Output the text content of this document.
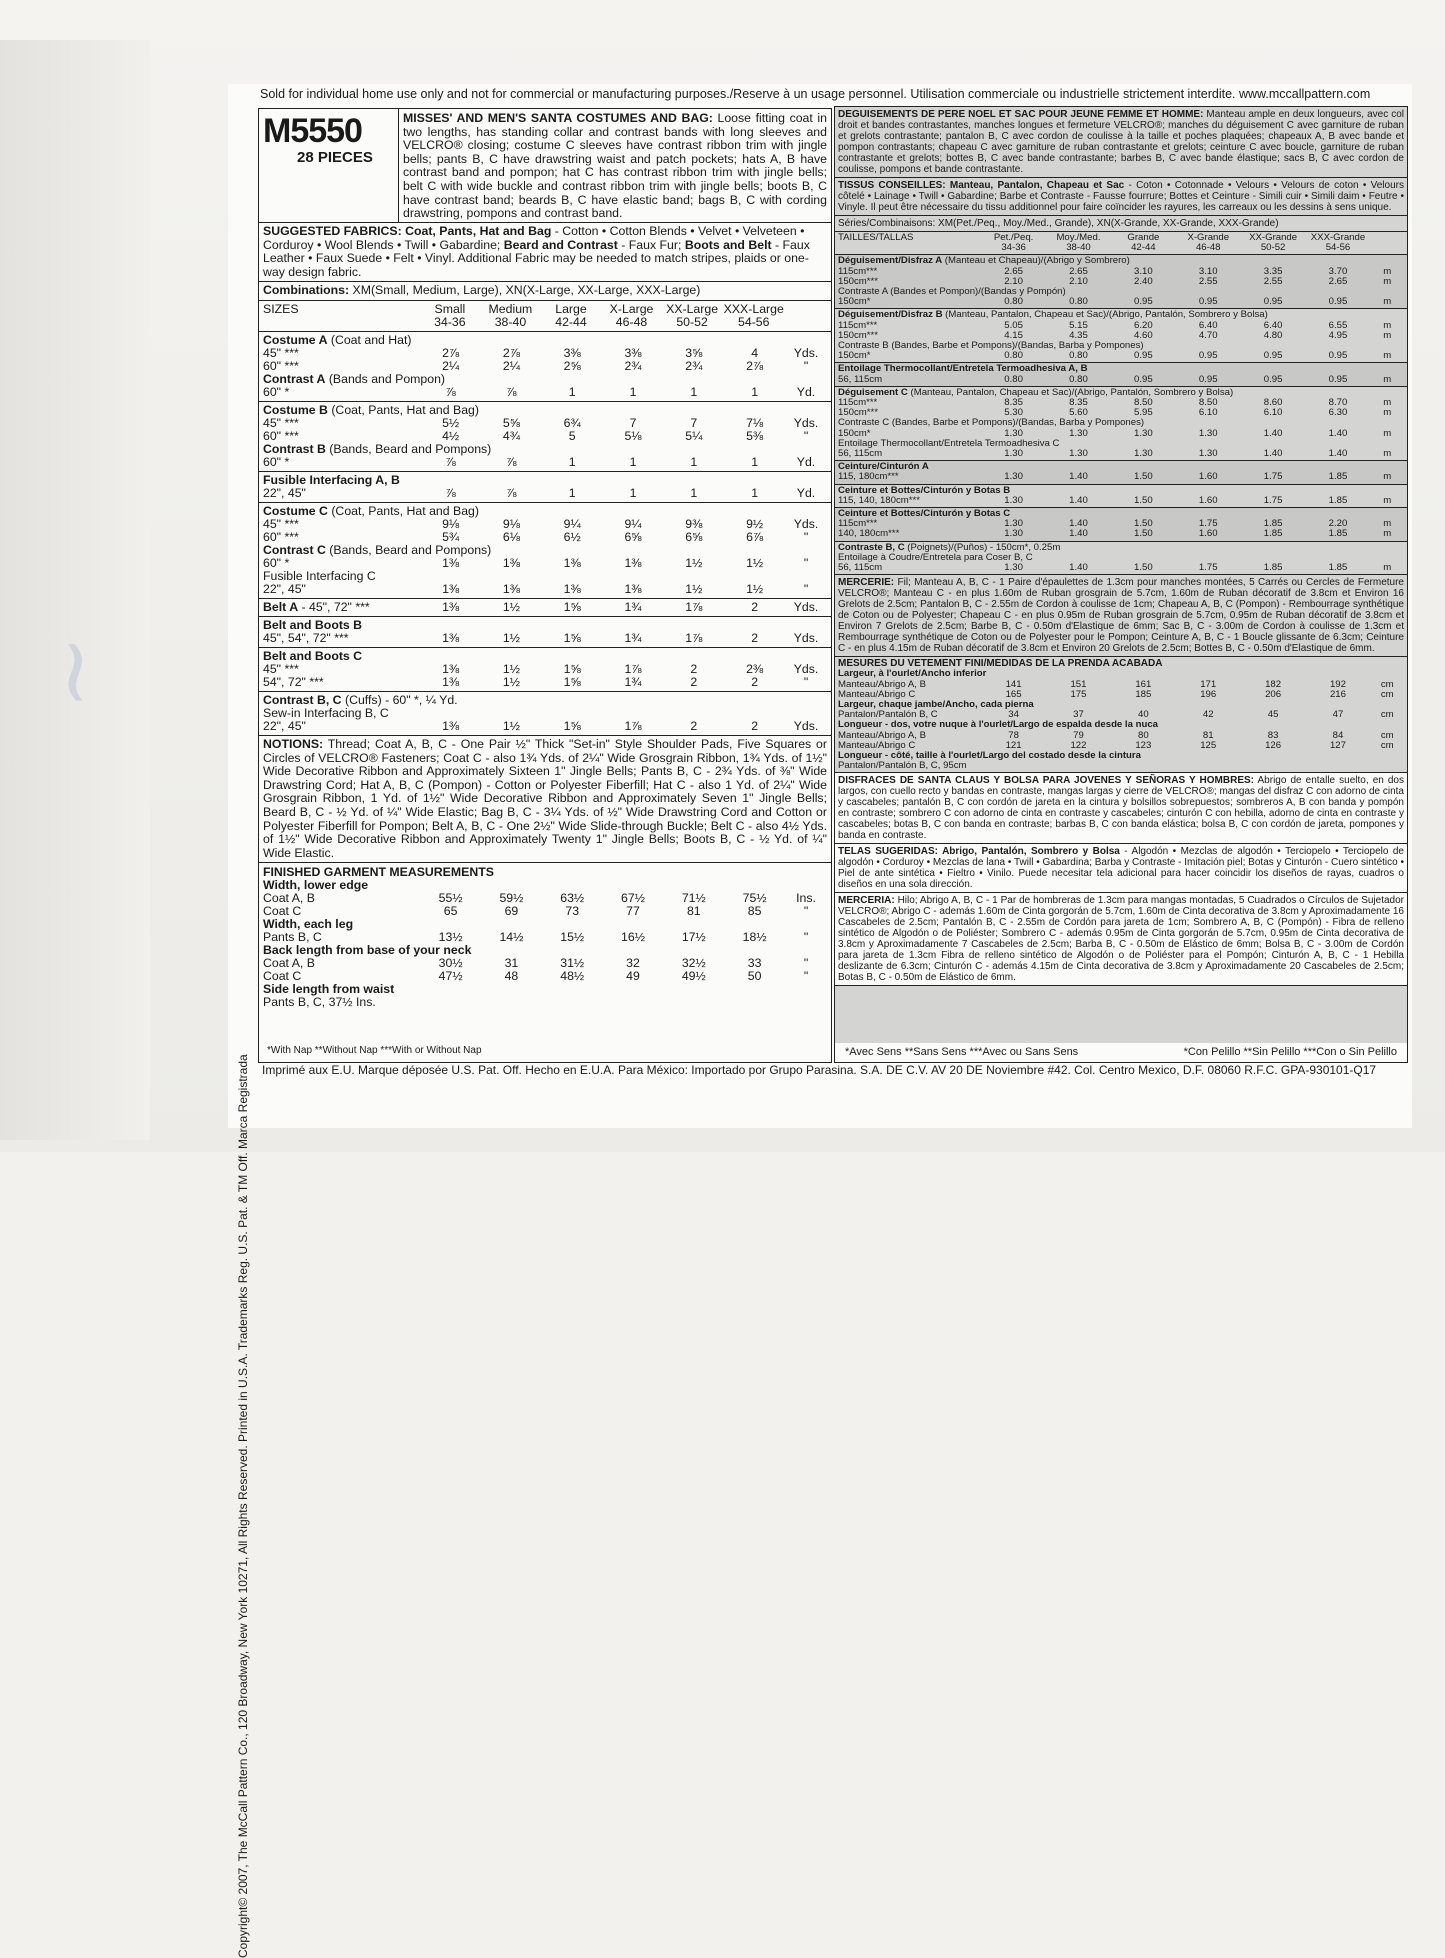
~
Sold for individual home use only and not for commercial or manufacturing purposes./Reserve à un usage personnel. Utilisation commerciale ou industrielle strictement interdite. www.mccallpattern.com
Copyright© 2007, The McCall Pattern Co., 120 Broadway, New York 10271, All Rights Reserved. Printed in U.S.A. Trademarks Reg. U.S. Pat. & TM Off. Marca Registrada
M5550
28 PIECES
MISSES' AND MEN'S SANTA COSTUMES AND BAG: Loose fitting coat in two lengths, has standing collar and contrast bands with long sleeves and VELCRO® closing; costume C sleeves have contrast ribbon trim with jingle bells; pants B, C have drawstring waist and patch pockets; hats A, B have contrast band and pompon; hat C has contrast ribbon trim with jingle bells; belt C with wide buckle and contrast ribbon trim with jingle bells; boots B, C have contrast band; beards B, C have elastic band; bags B, C with cording drawstring, pompons and contrast band.
SUGGESTED FABRICS: Coat, Pants, Hat and Bag - Cotton • Cotton Blends • Velvet • Velveteen • Corduroy • Wool Blends • Twill • Gabardine; Beard and Contrast - Faux Fur; Boots and Belt - Faux Leather • Faux Suede • Felt • Vinyl. Additional Fabric may be needed to match stripes, plaids or one-way design fabric.
Combinations: XM(Small, Medium, Large), XN(X-Large, XX-Large, XXX-Large)
SIZES	Small	Medium	Large	X-Large	XX-Large	XXX-Large	
	34-36	38-40	42-44	46-48	50-52	54-56	
Costume A (Coat and Hat)							
45" ***	2⅞	2⅞	3⅜	3⅜	3⅝	4	Yds.
60" ***	2¼	2¼	2⅝	2¾	2¾	2⅞	"
Contrast A (Bands and Pompon)							
60" *	⅞	⅞	1	1	1	1	Yd.
Costume B (Coat, Pants, Hat and Bag)							
45" ***	5½	5⅝	6¾	7	7	7⅛	Yds.
60" ***	4½	4¾	5	5⅛	5¼	5⅜	"
Contrast B (Bands, Beard and Pompons)							
60" *	⅞	⅞	1	1	1	1	Yd.
Fusible Interfacing A, B
22", 45"	⅞	⅞	1	1	1	1	Yd.
Costume C (Coat, Pants, Hat and Bag)							
45" ***	9⅛	9⅛	9¼	9¼	9⅜	9½	Yds.
60" ***	5¾	6⅛	6½	6⅝	6⅝	6⅞	"
Contrast C (Bands, Beard and Pompons)							
60" *	1⅜	1⅜	1⅜	1⅜	1½	1½	"
Fusible Interfacing C							
22", 45"	1⅜	1⅜	1⅜	1⅜	1½	1½	"
Belt A - 45", 72" ***	1⅜	1½	1⅝	1¾	1⅞	2	Yds.
Belt and Boots B
45", 54", 72" ***	1⅜	1½	1⅝	1¾	1⅞	2	Yds.
Belt and Boots C							
45" ***	1⅜	1½	1⅝	1⅞	2	2⅜	Yds.
54", 72" ***	1⅜	1½	1⅝	1¾	2	2	"
Contrast B, C (Cuffs) - 60" *, ¼ Yd.							
Sew-in Interfacing B, C							
22", 45"	1⅜	1½	1⅝	1⅞	2	2	Yds.
NOTIONS: Thread; Coat A, B, C - One Pair ½" Thick "Set-in" Style Shoulder Pads, Five Squares or Circles of VELCRO® Fasteners; Coat C - also 1¾ Yds. of 2¼" Wide Grosgrain Ribbon, 1¾ Yds. of 1½" Wide Decorative Ribbon and Approximately Sixteen 1" Jingle Bells; Pants B, C - 2¾ Yds. of ⅜" Wide Drawstring Cord; Hat A, B, C (Pompon) - Cotton or Polyester Fiberfill; Hat C - also 1 Yd. of 2¼" Wide Grosgrain Ribbon, 1 Yd. of 1½" Wide Decorative Ribbon and Approximately Seven 1" Jingle Bells; Beard B, C - ½ Yd. of ¼" Wide Elastic; Bag B, C - 3¼ Yds. of ½" Wide Drawstring Cord and Cotton or Polyester Fiberfill for Pompon; Belt A, B, C - One 2½" Wide Slide-through Buckle; Belt C - also 4½ Yds. of 1½" Wide Decorative Ribbon and Approximately Twenty 1" Jingle Bells; Boots B, C - ½ Yd. of ¼" Wide Elastic.
FINISHED GARMENT MEASUREMENTS
Width, lower edge							
Coat A, B	55½	59½	63½	67½	71½	75½	Ins.
Coat C	65	69	73	77	81	85	"
Width, each leg
Pants B, C	13½	14½	15½	16½	17½	18½	"
Back length from base of your neck							
Coat A, B	30½	31	31½	32	32½	33	"
Coat C	47½	48	48½	49	49½	50	"
Side length from waist
Pants B, C, 37½ Ins.							
*With Nap **Without Nap ***With or Without Nap
DEGUISEMENTS DE PERE NOEL ET SAC POUR JEUNE FEMME ET HOMME: Manteau ample en deux longueurs, avec col droit et bandes contrastantes, manches longues et fermeture VELCRO®; manches du déguisement C avec garniture de ruban et grelots contrastante; pantalon B, C avec cordon de coulisse à la taille et poches plaquées; chapeaux A, B avec bande et pompon contrastants; chapeau C avec garniture de ruban contrastante et grelots; ceinture C avec boucle, garniture de ruban contrastante et grelots; bottes B, C avec bande contrastante; barbes B, C avec bande élastique; sacs B, C avec cordon de coulisse, pompons et bande contrastante.
TISSUS CONSEILLES: Manteau, Pantalon, Chapeau et Sac - Coton • Cotonnade • Velours • Velours de coton • Velours côtelé • Lainage • Twill • Gabardine; Barbe et Contraste - Fausse fourrure; Bottes et Ceinture - Simili cuir • Simili daim • Feutre • Vinyle. Il peut être nécessaire du tissu additionnel pour faire coïncider les rayures, les carreaux ou les dessins à sens unique.
Séries/Combinaisons: XM(Pet./Peq., Moy./Med., Grande), XN(X-Grande, XX-Grande, XXX-Grande)
TAILLES/TALLAS	Pet./Peq.	Moy./Med.	Grande	X-Grande	XX-Grande	XXX-Grande	
	34-36	38-40	42-44	46-48	50-52	54-56	
Déguisement/Disfraz A (Manteau et Chapeau)/(Abrigo y Sombrero)							
115cm***	2.65	2.65	3.10	3.10	3.35	3.70	m
150cm***	2.10	2.10	2.40	2.55	2.55	2.65	m
Contraste A (Bandes et Pompon)/(Bandas y Pompón)							
150cm*	0.80	0.80	0.95	0.95	0.95	0.95	m
Déguisement/Disfraz B (Manteau, Pantalon, Chapeau et Sac)/(Abrigo, Pantalón, Sombrero y Bolsa)							
115cm***	5.05	5.15	6.20	6.40	6.40	6.55	m
150cm***	4.15	4.35	4.60	4.70	4.80	4.95	m
Contraste B (Bandes, Barbe et Pompons)/(Bandas, Barba y Pompones)							
150cm*	0.80	0.80	0.95	0.95	0.95	0.95	m
Entoilage Thermocollant/Entretela Termoadhesiva A, B
56, 115cm	0.80	0.80	0.95	0.95	0.95	0.95	m
Déguisement C (Manteau, Pantalon, Chapeau et Sac)/(Abrigo, Pantalón, Sombrero y Bolsa)							
115cm***	8.35	8.35	8.50	8.50	8.60	8.70	m
150cm***	5.30	5.60	5.95	6.10	6.10	6.30	m
Contraste C (Bandes, Barbe et Pompons)/(Bandas, Barba y Pompones)							
150cm*	1.30	1.30	1.30	1.30	1.40	1.40	m
Entoilage Thermocollant/Entretela Termoadhesiva C							
56, 115cm	1.30	1.30	1.30	1.30	1.40	1.40	m
Ceinture/Cinturón A
115, 180cm***	1.30	1.40	1.50	1.60	1.75	1.85	m
Ceinture et Bottes/Cinturón y Botas B
115, 140, 180cm***	1.30	1.40	1.50	1.60	1.75	1.85	m
Ceinture et Bottes/Cinturón y Botas C							
115cm***	1.30	1.40	1.50	1.75	1.85	2.20	m
140, 180cm***	1.30	1.40	1.50	1.60	1.85	1.85	m
Contraste B, C (Poignets)/(Puños) - 150cm*, 0.25m
Entoilage à Coudre/Entretela para Coser B, C
56, 115cm	1.30	1.40	1.50	1.75	1.85	1.85	m
MERCERIE: Fil; Manteau A, B, C - 1 Paire d'épaulettes de 1.3cm pour manches montées, 5 Carrés ou Cercles de Fermeture VELCRO®; Manteau C - en plus 1.60m de Ruban grosgrain de 5.7cm, 1.60m de Ruban décoratif de 3.8cm et Environ 16 Grelots de 2.5cm; Pantalon B, C - 2.55m de Cordon à coulisse de 1cm; Chapeau A, B, C (Pompon) - Rembourrage synthétique de Coton ou de Polyester; Chapeau C - en plus 0.95m de Ruban grosgrain de 5.7cm, 0.95m de Ruban décoratif de 3.8cm et Environ 7 Grelots de 2.5cm; Barbe B, C - 0.50m d'Elastique de 6mm; Sac B, C - 3.00m de Cordon à coulisse de 1.3cm et Rembourrage synthétique de Coton ou de Polyester pour le Pompon; Ceinture A, B, C - 1 Boucle glissante de 6.3cm; Ceinture C - en plus 4.15m de Ruban décoratif de 3.8cm et Environ 20 Grelots de 2.5cm; Bottes B, C - 0.50m d'Elastique de 6mm.
MESURES DU VETEMENT FINI/MEDIDAS DE LA PRENDA ACABADA
Largeur, à l'ourlet/Ancho inferior							
Manteau/Abrigo A, B	141	151	161	171	182	192	cm
Manteau/Abrigo C	165	175	185	196	206	216	cm
Largeur, chaque jambe/Ancho, cada pierna
Pantalon/Pantalón B, C	34	37	40	42	45	47	cm
Longueur - dos, votre nuque à l'ourlet/Largo de espalda desde la nuca							
Manteau/Abrigo A, B	78	79	80	81	83	84	cm
Manteau/Abrigo C	121	122	123	125	126	127	cm
Longueur - côté, taille à l'ourlet/Largo del costado desde la cintura
Pantalon/Pantalón B, C, 95cm
DISFRACES DE SANTA CLAUS Y BOLSA PARA JOVENES Y SEÑORAS Y HOMBRES: Abrigo de entalle suelto, en dos largos, con cuello recto y bandas en contraste, mangas largas y cierre de VELCRO®; mangas del disfraz C con adorno de cinta y cascabeles; pantalón B, C con cordón de jareta en la cintura y bolsillos sobrepuestos; sombreros A, B con banda y pompón en contraste; sombrero C con adorno de cinta en contraste y cascabeles; cinturón C con hebilla, adorno de cinta en contraste y cascabeles; botas B, C con banda en contraste; barbas B, C con banda elástica; bolsa B, C con cordón de jareta, pompones y banda en contraste.
TELAS SUGERIDAS: Abrigo, Pantalón, Sombrero y Bolsa - Algodón • Mezclas de algodón • Terciopelo • Terciopelo de algodón • Corduroy • Mezclas de lana • Twill • Gabardina; Barba y Contraste - Imitación piel; Botas y Cinturón - Cuero sintético • Piel de ante sintética • Fieltro • Vinilo. Puede necesitar tela adicional para hacer coincidir los diseños de rayas, cuadros o diseños en una sola dirección.
MERCERIA: Hilo; Abrigo A, B, C - 1 Par de hombreras de 1.3cm para mangas montadas, 5 Cuadrados o Círculos de Sujetador VELCRO®; Abrigo C - además 1.60m de Cinta gorgorán de 5.7cm, 1.60m de Cinta decorativa de 3.8cm y Aproximadamente 16 Cascabeles de 2.5cm; Pantalón B, C - 2.55m de Cordón para jareta de 1cm; Sombrero A, B, C (Pompón) - Fibra de relleno sintético de Algodón o de Poliéster; Sombrero C - además 0.95m de Cinta gorgorán de 5.7cm, 0.95m de Cinta decorativa de 3.8cm y Aproximadamente 7 Cascabeles de 2.5cm; Barba B, C - 0.50m de Elástico de 6mm; Bolsa B, C - 3.00m de Cordón para jareta de 1.3cm Fibra de relleno sintético de Algodón o de Poliéster para el Pompón; Cinturón A, B, C - 1 Hebilla deslizante de 6.3cm; Cinturón C - además 4.15m de Cinta decorativa de 3.8cm y Aproximadamente 20 Cascabeles de 2.5cm; Botas B, C - 0.50m de Elástico de 6mm.
*Avec Sens **Sans Sens ***Avec ou Sans Sens	*Con Pelillo **Sin Pelillo ***Con o Sin Pelillo
Imprimé aux E.U. Marque déposée U.S. Pat. Off. Hecho en E.U.A. Para México: Importado por Grupo Parasina. S.A. DE C.V. AV 20 DE Noviembre #42. Col. Centro Mexico, D.F. 08060 R.F.C. GPA-930101-Q17
